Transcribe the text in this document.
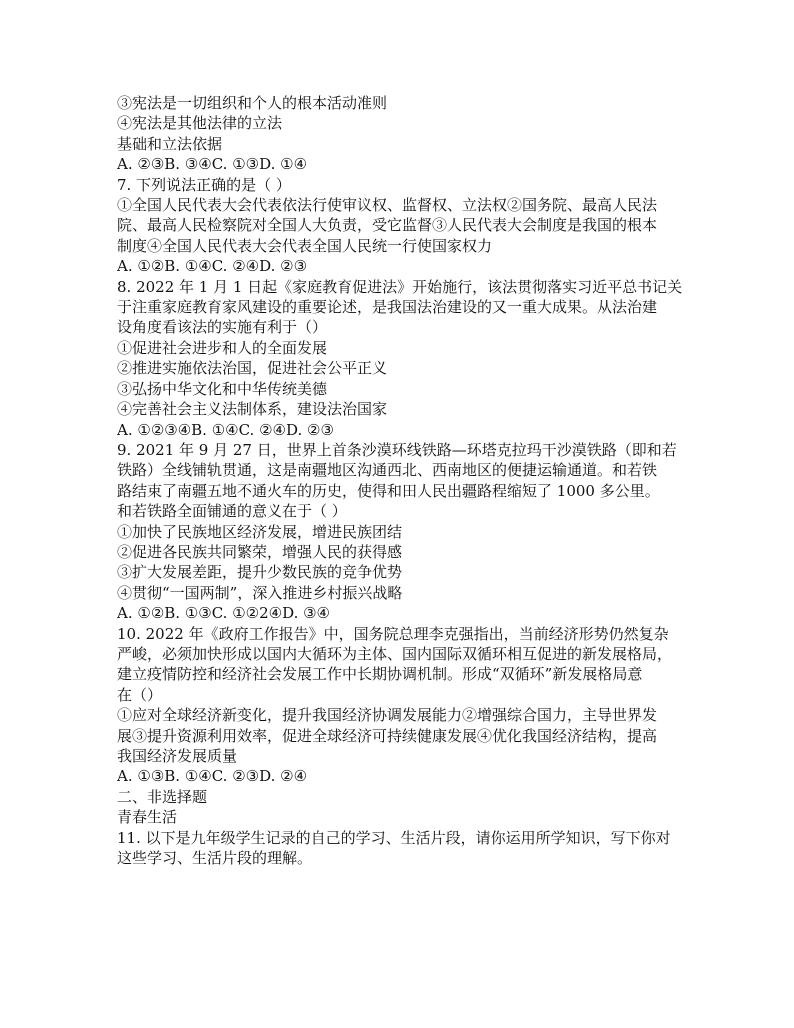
③宪法是一切组织和个人的根本活动准则
④宪法是其他法律的立法
基础和立法依据
A. ②③B. ③④C. ①③D. ①④
7. 下列说法正确的是（ ）
①全国人民代表大会代表依法行使审议权、监督权、立法权②国务院、最高人民法
院、最高人民检察院对全国人大负责，受它监督③人民代表大会制度是我国的根本
制度④全国人民代表大会代表全国人民统一行使国家权力
A. ①②B. ①④C. ②④D. ②③
8. 2022 年 1 月 1 日起《家庭教育促进法》开始施行，该法贯彻落实习近平总书记关
于注重家庭教育家风建设的重要论述，是我国法治建设的又一重大成果。从法治建
设角度看该法的实施有利于（）
①促进社会进步和人的全面发展
②推进实施依法治国，促进社会公平正义
③弘扬中华文化和中华传统美德
④完善社会主义法制体系，建设法治国家
A. ①②③④B. ①④C. ②④D. ②③
9. 2021 年 9 月 27 日，世界上首条沙漠环线铁路—环塔克拉玛干沙漠铁路（即和若
铁路）全线铺轨贯通，这是南疆地区沟通西北、西南地区的便捷运输通道。和若铁
路结束了南疆五地不通火车的历史，使得和田人民出疆路程缩短了 1000 多公里。
和若铁路全面铺通的意义在于（ ）
①加快了民族地区经济发展，增进民族团结
②促进各民族共同繁荣，增强人民的获得感
③扩大发展差距，提升少数民族的竞争优势
④贯彻“一国两制”，深入推进乡村振兴战略
A. ①②B. ①③C. ①②2④D. ③④
10. 2022 年《政府工作报告》中，国务院总理李克强指出，当前经济形势仍然复杂
严峻，必须加快形成以国内大循环为主体、国内国际双循环相互促进的新发展格局，
建立疫情防控和经济社会发展工作中长期协调机制。形成“双循环”新发展格局意
在（）
①应对全球经济新变化，提升我国经济协调发展能力②增强综合国力，主导世界发
展③提升资源利用效率，促进全球经济可持续健康发展④优化我国经济结构，提高
我国经济发展质量
A. ①③B. ①④C. ②③D. ②④
二、非选择题
青春生活
11. 以下是九年级学生记录的自己的学习、生活片段，请你运用所学知识，写下你对
这些学习、生活片段的理解。
